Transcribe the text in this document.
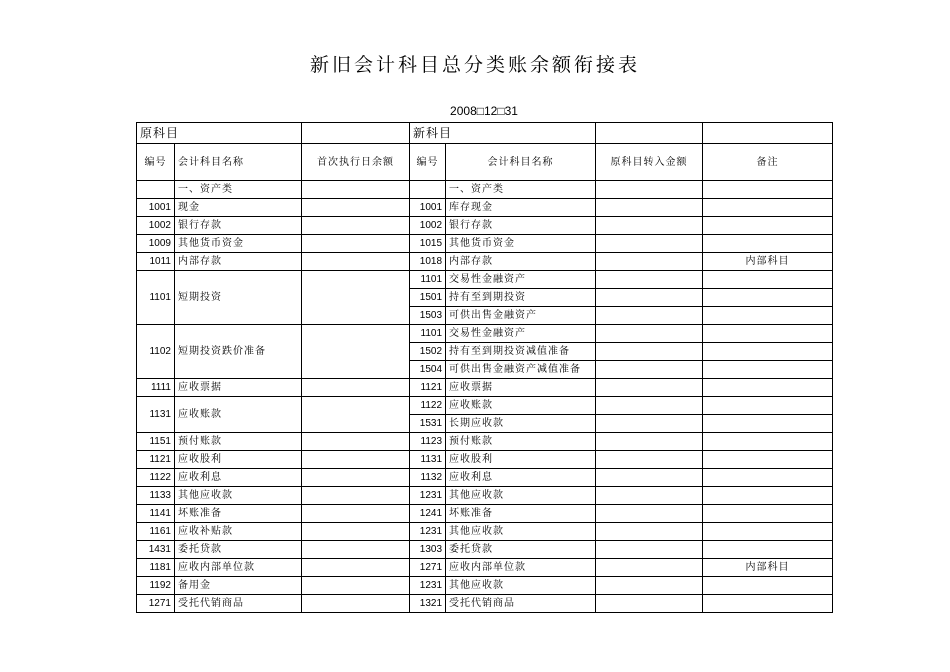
新旧会计科目总分类账余额衔接表
2008□12□31
原科目			新科目			
编号	会计科目名称	首次执行日余额	编号	会计科目名称	原科目转入金额	备注
	一、资产类			一、资产类		
1001	现金		1001	库存现金		
1002	银行存款		1002	银行存款		
1009	其他货币资金		1015	其他货币资金		
1011	内部存款		1018	内部存款		内部科目
1101	短期投资		1101	交易性金融资产		
			1501	持有至到期投资		
			1503	可供出售金融资产		
1102	短期投资跌价准备		1101	交易性金融资产		
			1502	持有至到期投资减值准备		
			1504	可供出售金融资产减值准备		
1111	应收票据		1121	应收票据		
1131	应收账款		1122	应收账款		
			1531	长期应收款		
1151	预付账款		1123	预付账款		
1121	应收股利		1131	应收股利		
1122	应收利息		1132	应收利息		
1133	其他应收款		1231	其他应收款		
1141	坏账准备		1241	坏账准备		
1161	应收补贴款		1231	其他应收款		
1431	委托贷款		1303	委托贷款		
1181	应收内部单位款		1271	应收内部单位款		内部科目
1192	备用金		1231	其他应收款		
1271	受托代销商品		1321	受托代销商品		
